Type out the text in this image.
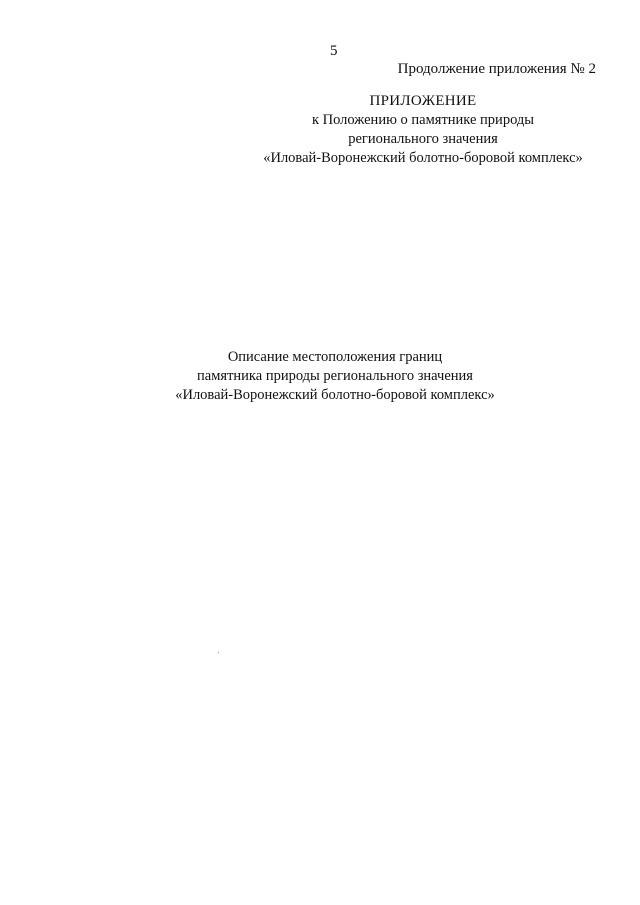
5
Продолжение приложения № 2
ПРИЛОЖЕНИЕ
к Положению о памятнике природы
регионального значения
«Иловай-Воронежский болотно-боровой комплекс»
Описание местоположения границ
памятника природы регионального значения
«Иловай-Воронежский болотно-боровой комплекс»
